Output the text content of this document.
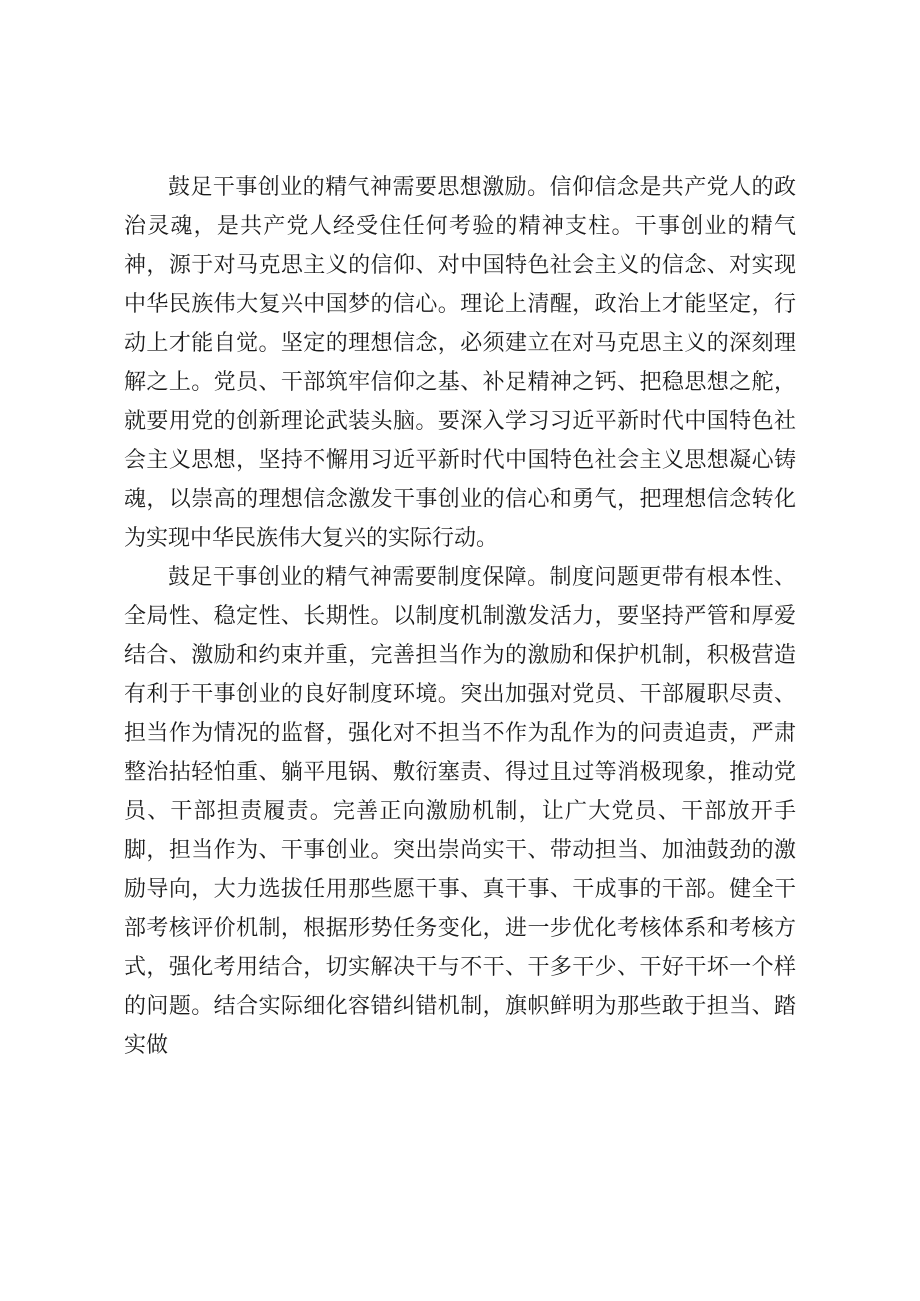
鼓足干事创业的精气神需要思想激励。信仰信念是共产党人的政治灵魂，是共产党人经受住任何考验的精神支柱。干事创业的精气神，源于对马克思主义的信仰、对中国特色社会主义的信念、对实现中华民族伟大复兴中国梦的信心。理论上清醒，政治上才能坚定，行动上才能自觉。坚定的理想信念，必须建立在对马克思主义的深刻理解之上。党员、干部筑牢信仰之基、补足精神之钙、把稳思想之舵，就要用党的创新理论武装头脑。要深入学习习近平新时代中国特色社会主义思想，坚持不懈用习近平新时代中国特色社会主义思想凝心铸魂，以崇高的理想信念激发干事创业的信心和勇气，把理想信念转化为实现中华民族伟大复兴的实际行动。

鼓足干事创业的精气神需要制度保障。制度问题更带有根本性、全局性、稳定性、长期性。以制度机制激发活力，要坚持严管和厚爱结合、激励和约束并重，完善担当作为的激励和保护机制，积极营造有利于干事创业的良好制度环境。突出加强对党员、干部履职尽责、担当作为情况的监督，强化对不担当不作为乱作为的问责追责，严肃整治拈轻怕重、躺平甩锅、敷衍塞责、得过且过等消极现象，推动党员、干部担责履责。完善正向激励机制，让广大党员、干部放开手脚，担当作为、干事创业。突出崇尚实干、带动担当、加油鼓劲的激励导向，大力选拔任用那些愿干事、真干事、干成事的干部。健全干部考核评价机制，根据形势任务变化，进一步优化考核体系和考核方式，强化考用结合，切实解决干与不干、干多干少、干好干坏一个样的问题。结合实际细化容错纠错机制，旗帜鲜明为那些敢于担当、踏实做
